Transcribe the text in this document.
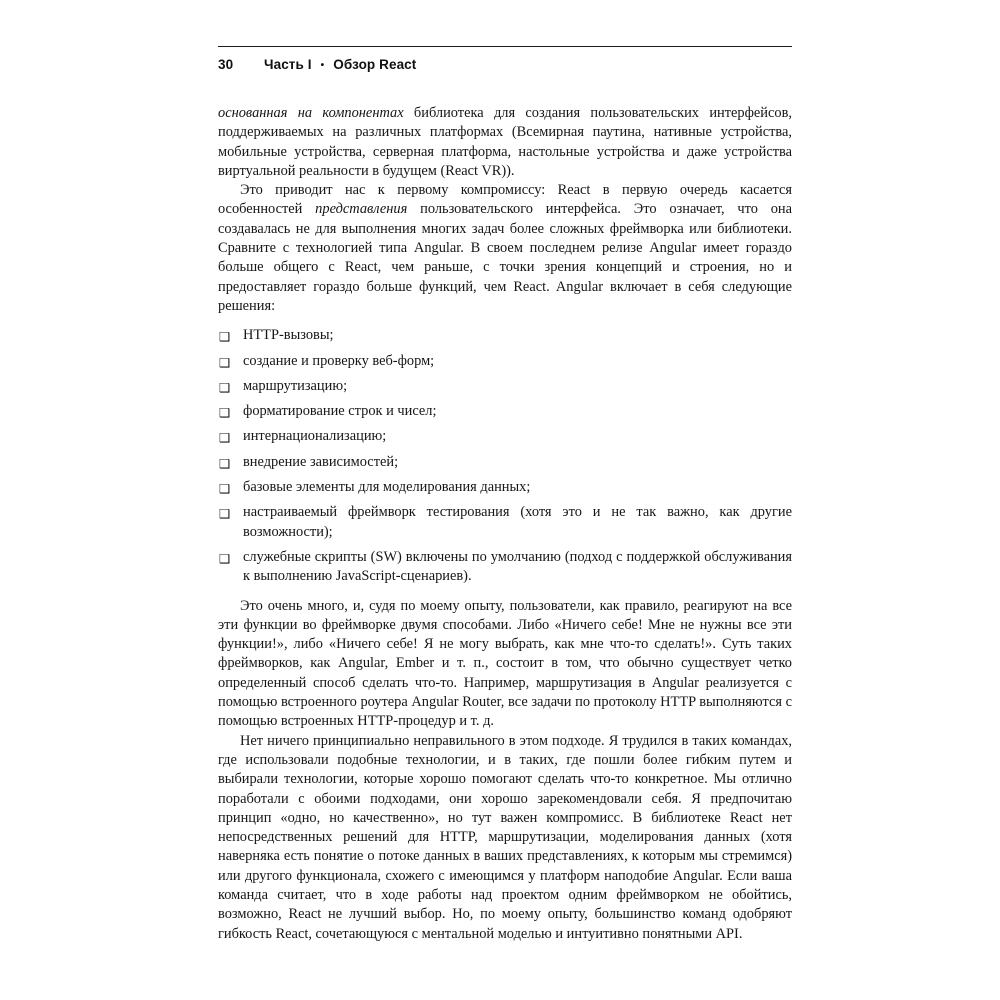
30	Часть I • Обзор React

основанная на компонентах библиотека для создания пользовательских интерфейсов, поддерживаемых на различных платформах (Всемирная паутина, нативные устройства, мобильные устройства, серверная платформа, настольные устройства и даже устройства виртуальной реальности в будущем (React VR)).

Это приводит нас к первому компромиссу: React в первую очередь касается особенностей представления пользовательского интерфейса. Это означает, что она создавалась не для выполнения многих задач более сложных фреймворка или библиотеки. Сравните с технологией типа Angular. В своем последнем релизе Angular имеет гораздо больше общего с React, чем раньше, с точки зрения концепций и строения, но и предоставляет гораздо больше функций, чем React. Angular включает в себя следующие решения:

❑ HTTP-вызовы;
❑ создание и проверку веб-форм;
❑ маршрутизацию;
❑ форматирование строк и чисел;
❑ интернационализацию;
❑ внедрение зависимостей;
❑ базовые элементы для моделирования данных;
❑ настраиваемый фреймворк тестирования (хотя это и не так важно, как другие возможности);
❑ служебные скрипты (SW) включены по умолчанию (подход с поддержкой обслуживания к выполнению JavaScript-сценариев).

Это очень много, и, судя по моему опыту, пользователи, как правило, реагируют на все эти функции во фреймворке двумя способами. Либо «Ничего себе! Мне не нужны все эти функции!», либо «Ничего себе! Я не могу выбрать, как мне что-то сделать!». Суть таких фреймворков, как Angular, Ember и т. п., состоит в том, что обычно существует четко определенный способ сделать что-то. Например, маршрутизация в Angular реализуется с помощью встроенного роутера Angular Router, все задачи по протоколу HTTP выполняются с помощью встроенных HTTP-процедур и т. д.

Нет ничего принципиально неправильного в этом подходе. Я трудился в таких командах, где использовали подобные технологии, и в таких, где пошли более гибким путем и выбирали технологии, которые хорошо помогают сделать что-то конкретное. Мы отлично поработали с обоими подходами, они хорошо зарекомендовали себя. Я предпочитаю принцип «одно, но качественно», но тут важен компромисс. В библиотеке React нет непосредственных решений для HTTP, маршрутизации, моделирования данных (хотя наверняка есть понятие о потоке данных в ваших представлениях, к которым мы стремимся) или другого функционала, схожего с имеющимся у платформ наподобие Angular. Если ваша команда считает, что в ходе работы над проектом одним фреймворком не обойтись, возможно, React не лучший выбор. Но, по моему опыту, большинство команд одобряют гибкость React, сочетающуюся с ментальной моделью и интуитивно понятными API.
